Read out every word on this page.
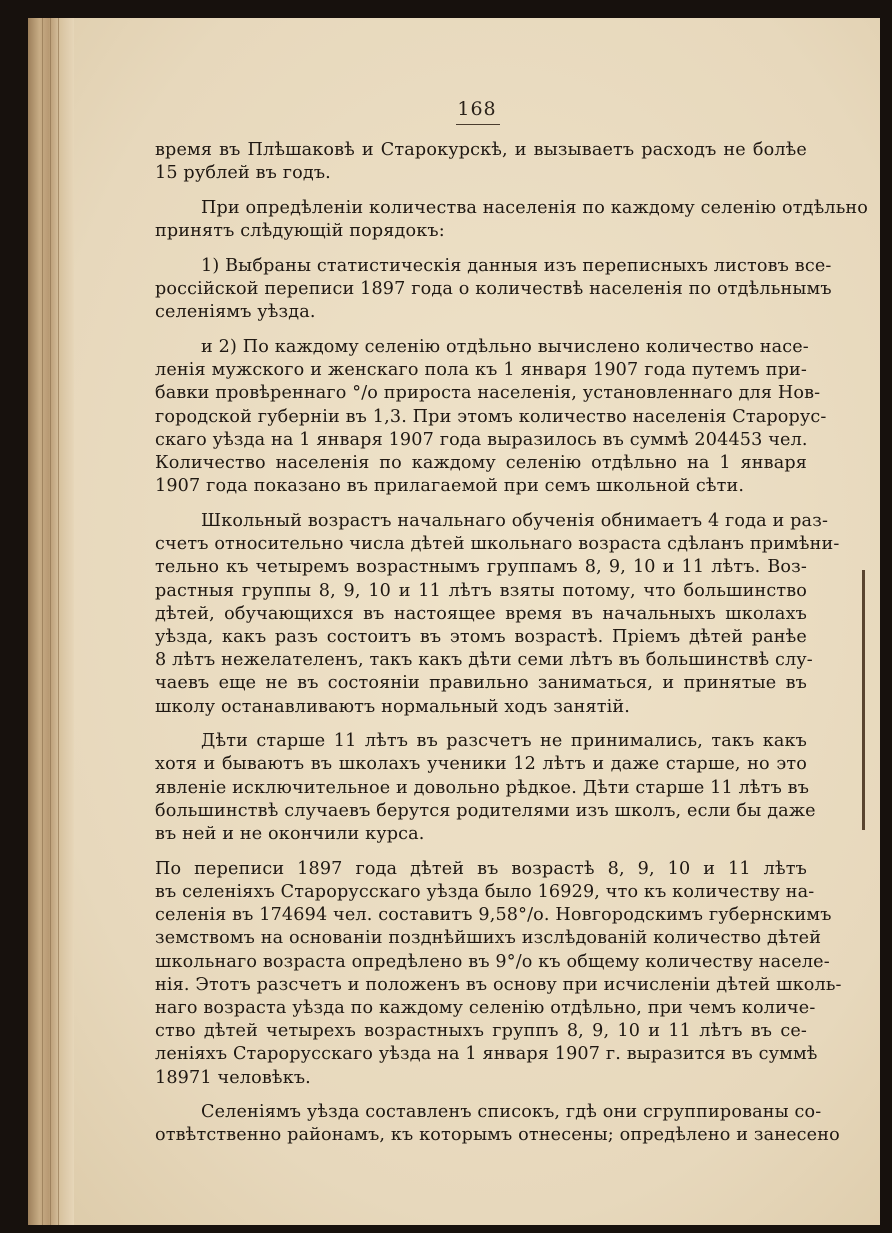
168
время въ Плѣшаковѣ и Старокурскѣ, и вызываетъ расходъ не болѣе
15 рублей въ годъ.
При опредѣленіи количества населенія по каждому селенію отдѣльно
принятъ слѣдующій порядокъ:
1) Выбраны статистическія данныя изъ переписныхъ листовъ все-
россійской переписи 1897 года о количествѣ населенія по отдѣльнымъ
селеніямъ уѣзда.
и 2) По каждому селенію отдѣльно вычислено количество насе-
ленія мужского и женскаго пола къ 1 января 1907 года путемъ при-
бавки провѣреннаго °/о прироста населенія, установленнаго для Нов-
городской губерніи въ 1,3. При этомъ количество населенія Старорус-
скаго уѣзда на 1 января 1907 года выразилось въ суммѣ 204453 чел.
Количество населенія по каждому селенію отдѣльно на 1 января
1907 года показано въ прилагаемой при семъ школьной сѣти.
Школьный возрастъ начальнаго обученія обнимаетъ 4 года и раз-
счетъ относительно числа дѣтей школьнаго возраста сдѣланъ примѣни-
тельно къ четыремъ возрастнымъ группамъ 8, 9, 10 и 11 лѣтъ. Воз-
растныя группы 8, 9, 10 и 11 лѣтъ взяты потому, что большинство
дѣтей, обучающихся въ настоящее время въ начальныхъ школахъ
уѣзда, какъ разъ состоитъ въ этомъ возрастѣ. Пріемъ дѣтей ранѣе
8 лѣтъ нежелателенъ, такъ какъ дѣти семи лѣтъ въ большинствѣ слу-
чаевъ еще не въ состояніи правильно заниматься, и принятые въ
школу останавливаютъ нормальный ходъ занятій.
Дѣти старше 11 лѣтъ въ разсчетъ не принимались, такъ какъ
хотя и бываютъ въ школахъ ученики 12 лѣтъ и даже старше, но это
явленіе исключительное и довольно рѣдкое. Дѣти старше 11 лѣтъ въ
большинствѣ случаевъ берутся родителями изъ школъ, если бы даже
въ ней и не окончили курса.
По переписи 1897 года дѣтей въ возрастѣ 8, 9, 10 и 11 лѣтъ
въ селеніяхъ Старорусскаго уѣзда было 16929, что къ количеству на-
селенія въ 174694 чел. составитъ 9,58°/о. Новгородскимъ губернскимъ
земствомъ на основаніи позднѣйшихъ изслѣдованій количество дѣтей
школьнаго возраста опредѣлено въ 9°/о къ общему количеству населе-
нія. Этотъ разсчетъ и положенъ въ основу при исчисленіи дѣтей школь-
наго возраста уѣзда по каждому селенію отдѣльно, при чемъ количе-
ство дѣтей четырехъ возрастныхъ группъ 8, 9, 10 и 11 лѣтъ въ се-
леніяхъ Старорусскаго уѣзда на 1 января 1907 г. выразится въ суммѣ
18971 человѣкъ.
Селеніямъ уѣзда составленъ списокъ, гдѣ они сгруппированы со-
отвѣтственно районамъ, къ которымъ отнесены; опредѣлено и занесено
